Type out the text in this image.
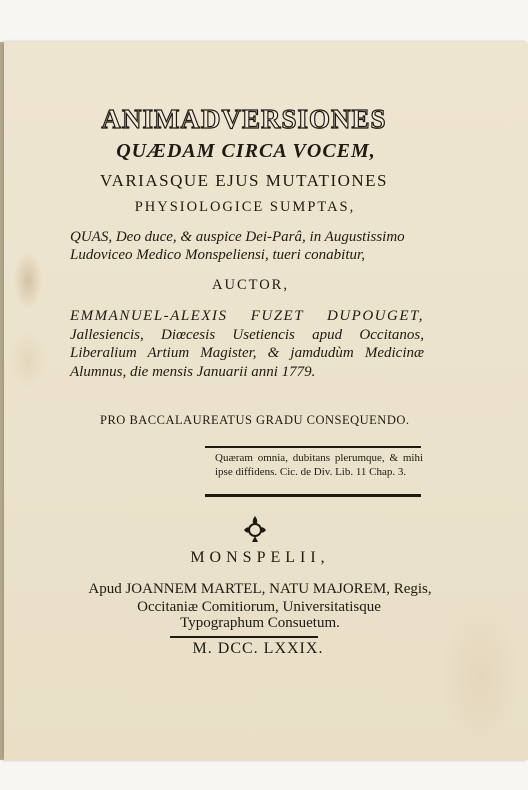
ANIMADVERSIONES
QUÆDAM CIRCA VOCEM,
VARIASQUE EJUS MUTATIONES
PHYSIOLOGICE SUMPTAS,
QUAS, Deo duce, & auspice Dei-Parâ, in Augustissimo Ludoviceo Medico Monspeliensi, tueri conabitur,
AUCTOR,
EMMANUEL-ALEXIS FUZET DUPOUGET, Jallesiencis, Diœcesis Usetiencis apud Occitanos, Liberalium Artium Magister, & jamdudùm Medicinæ Alumnus, die mensis Januarii anni 1779.
PRO BACCALAUREATUS GRADU CONSEQUENDO.
Quæram omnia, dubitans plerumque, & mihi ipse diffidens. Cic. de Div. Lib. 11 Chap. 3.
MONSPELII,
Apud JOANNEM MARTEL, NATU MAJOREM, Regis,
Occitaniæ Comitiorum, Universitatisque
Typographum Consuetum.
M. DCC. LXXIX.
